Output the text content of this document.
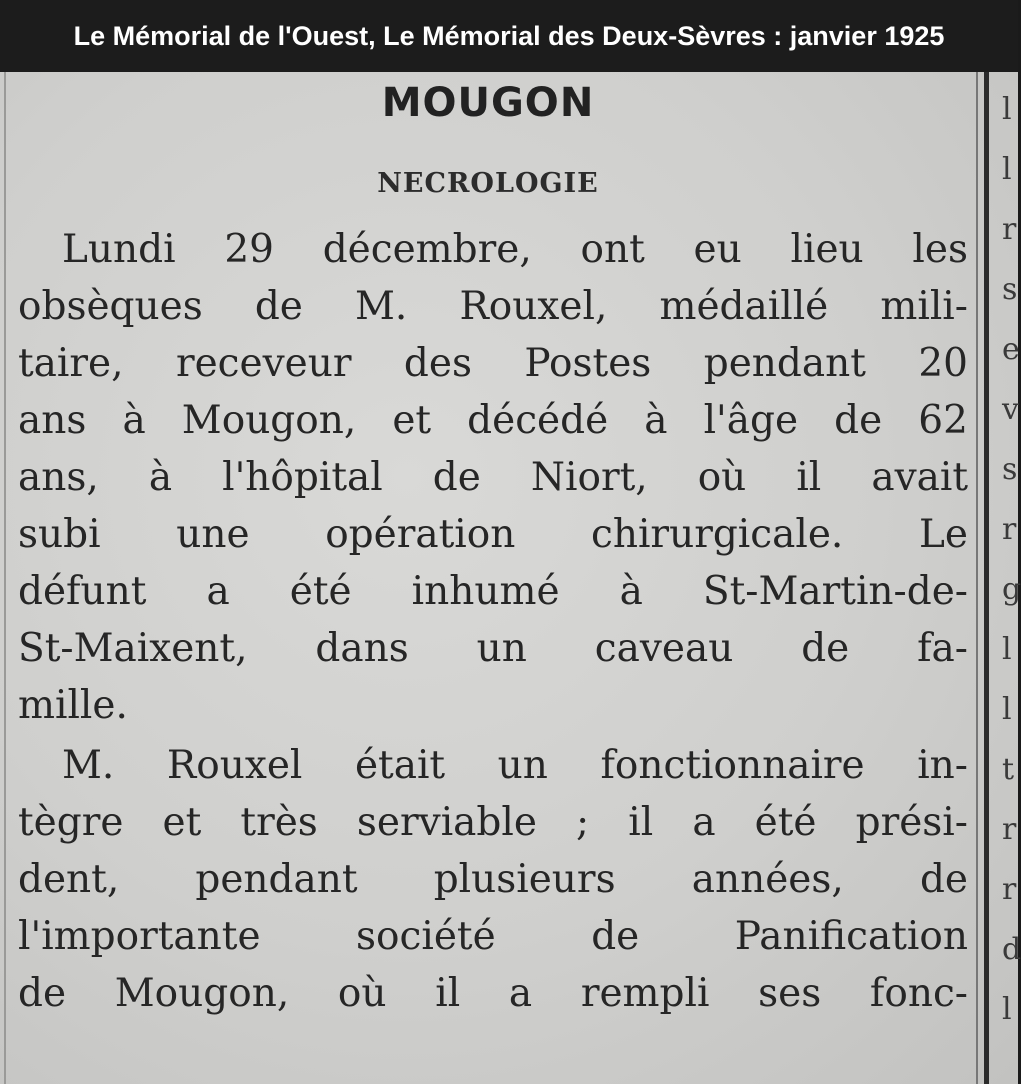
Le Mémorial de l'Ouest, Le Mémorial des Deux-Sèvres : janvier 1925
l
l
r
s
e
v
s
r
g
l
l
t
r
r
d
l
MOUGON
NECROLOGIE
Lundi 29 décembre, ont eu lieu les
obsèques de M. Rouxel, médaillé mili-
taire, receveur des Postes pendant 20
ans à Mougon, et décédé à l'âge de 62
ans, à l'hôpital de Niort, où il avait
subi une opération chirurgicale. Le
défunt a été inhumé à St-Martin-de-
St-Maixent, dans un caveau de fa-
mille.
M. Rouxel était un fonctionnaire in-
tègre et très serviable ; il a été prési-
dent, pendant plusieurs années, de
l'importante société de Panification
de Mougon, où il a rempli ses fonc-
